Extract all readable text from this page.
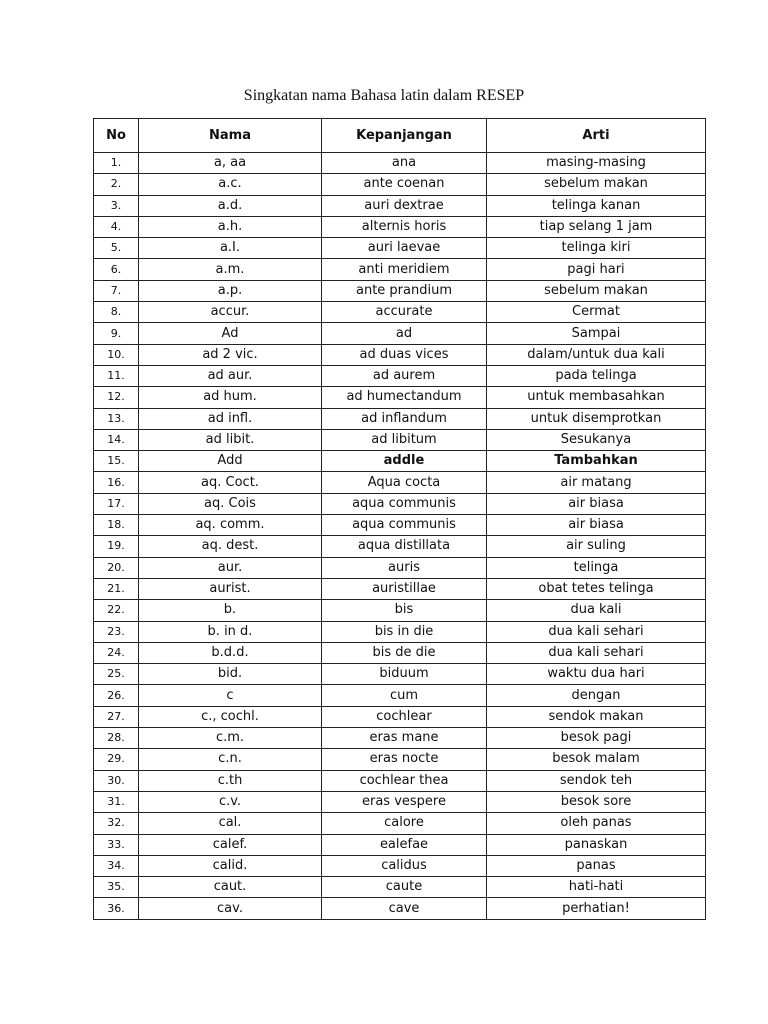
Singkatan nama Bahasa latin dalam RESEP
No	Nama	Kepanjangan	Arti
1.	a, aa	ana	masing-masing
2.	a.c.	ante coenan	sebelum makan
3.	a.d.	auri dextrae	telinga kanan
4.	a.h.	alternis horis	tiap selang 1 jam
5.	a.I.	auri laevae	telinga kiri
6.	a.m.	anti meridiem	pagi hari
7.	a.p.	ante prandium	sebelum makan
8.	accur.	accurate	Cermat
9.	Ad	ad	Sampai
10.	ad 2 vic.	ad duas vices	dalam/untuk dua kali
11.	ad aur.	ad aurem	pada telinga
12.	ad hum.	ad humectandum	untuk membasahkan
13.	ad infl.	ad inflandum	untuk disemprotkan
14.	ad libit.	ad libitum	Sesukanya
15.	Add	addle	Tambahkan
16.	aq. Coct.	Aqua cocta	air matang
17.	aq. Cois	aqua communis	air biasa
18.	aq. comm.	aqua communis	air biasa
19.	aq. dest.	aqua distillata	air suling
20.	aur.	auris	telinga
21.	aurist.	auristillae	obat tetes telinga
22.	b.	bis	dua kali
23.	b. in d.	bis in die	dua kali sehari
24.	b.d.d.	bis de die	dua kali sehari
25.	bid.	biduum	waktu dua hari
26.	c	cum	dengan
27.	c., cochl.	cochlear	sendok makan
28.	c.m.	eras mane	besok pagi
29.	c.n.	eras nocte	besok malam
30.	c.th	cochlear thea	sendok teh
31.	c.v.	eras vespere	besok sore
32.	cal.	calore	oleh panas
33.	calef.	ealefae	panaskan
34.	calid.	calidus	panas
35.	caut.	caute	hati-hati
36.	cav.	cave	perhatian!
